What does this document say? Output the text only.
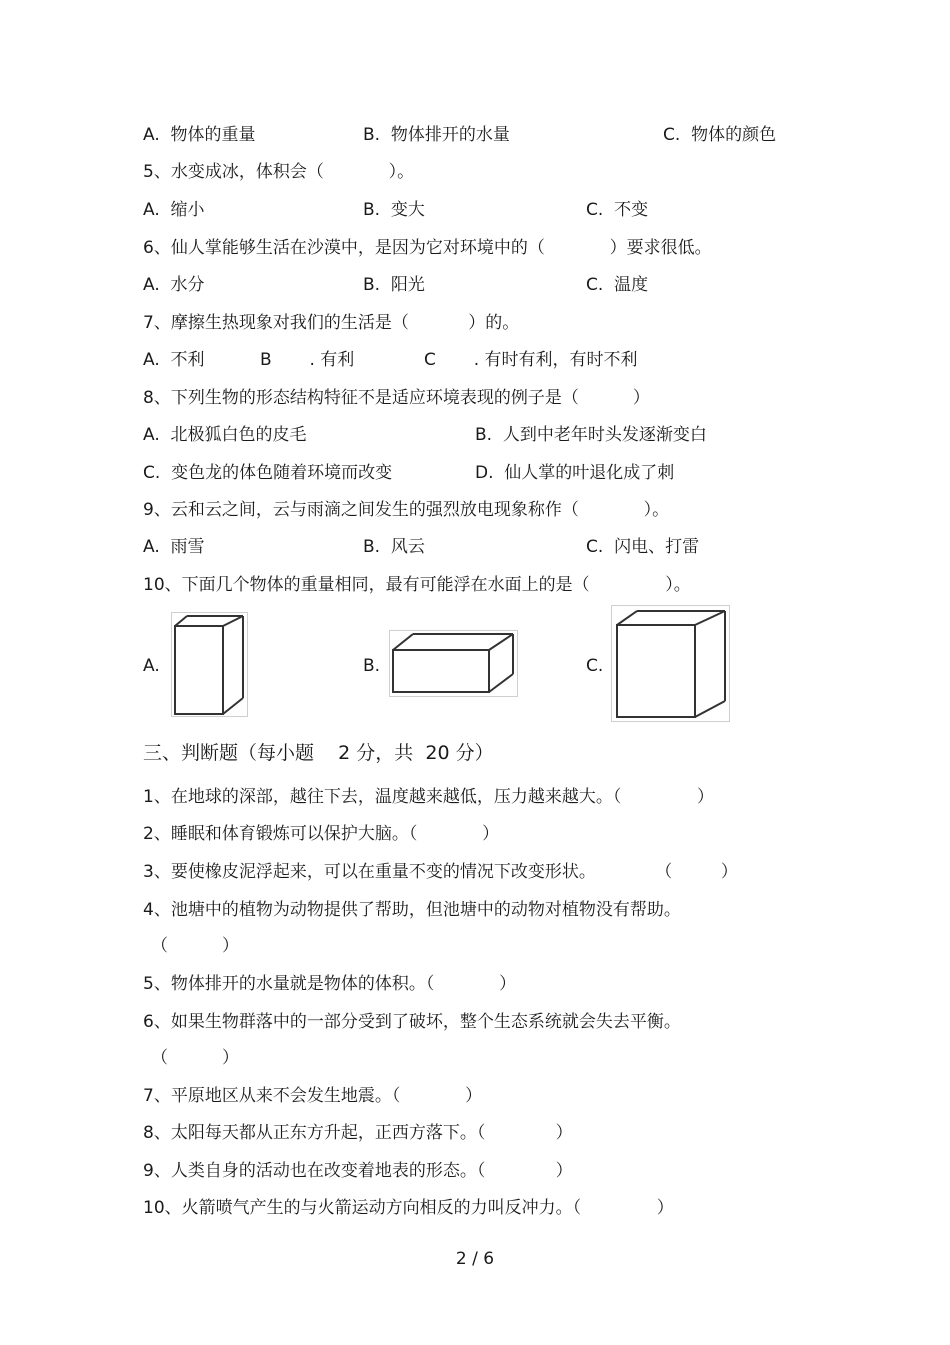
A.  物体的重量	B.  物体排开的水量	C.  物体的颜色
5、水变成冰，体积会（            ）。
A.  缩小	B.  变大	C.  不变
6、仙人掌能够生活在沙漠中，是因为它对环境中的（            ）要求很低。
A.  水分	B.  阳光	C.  温度
7、摩擦生热现象对我们的生活是（           ）的。
A.  不利	B       . 有利	C       . 有时有利，有时不利
8、下列生物的形态结构特征不是适应环境表现的例子是（          ）
A.  北极狐白色的皮毛	B.  人到中老年时头发逐渐变白
C.  变色龙的体色随着环境而改变	D.  仙人掌的叶退化成了刺
9、云和云之间，云与雨滴之间发生的强烈放电现象称作（            ）。
A.  雨雪	B.  风云	C.  闪电、打雷
10、下面几个物体的重量相同，最有可能浮在水面上的是（              ）。
A.	B.	C.
三、判断题（每小题    2 分，共  20 分）
1、在地球的深部，越往下去，温度越来越低，压力越来越大。（              ）
2、睡眠和体育锻炼可以保护大脑。（            ）
3、要使橡皮泥浮起来，可以在重量不变的情况下改变形状。           （         ）
4、池塘中的植物为动物提供了帮助，但池塘中的动物对植物没有帮助。
（          ）
5、物体排开的水量就是物体的体积。（            ）
6、如果生物群落中的一部分受到了破坏，整个生态系统就会失去平衡。
（          ）
7、平原地区从来不会发生地震。（            ）
8、太阳每天都从正东方升起，正西方落下。（             ）
9、人类自身的活动也在改变着地表的形态。（             ）
10、火箭喷气产生的与火箭运动方向相反的力叫反冲力。（              ）
2 / 6
